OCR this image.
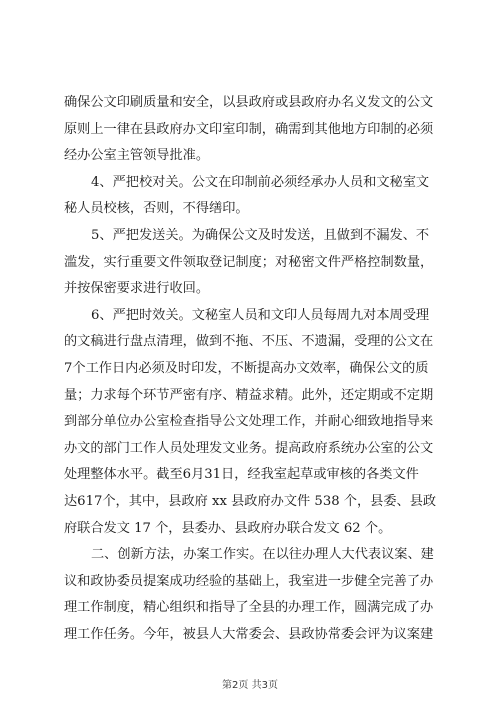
确保公文印刷质量和安全，以县政府或县政府办名义发文的公文
原则上一律在县政府办文印室印制，确需到其他地方印制的必须
经办公室主管领导批准。

4、严把校对关。公文在印制前必须经承办人员和文秘室文
秘人员校核，否则，不得缮印。

5、严把发送关。为确保公文及时发送，且做到不漏发、不
滥发，实行重要文件领取登记制度；对秘密文件严格控制数量，
并按保密要求进行收回。

6、严把时效关。文秘室人员和文印人员每周九对本周受理
的文稿进行盘点清理，做到不拖、不压、不遗漏，受理的公文在
7个工作日内必须及时印发，不断提高办文效率，确保公文的质
量；力求每个环节严密有序、精益求精。此外，还定期或不定期
到部分单位办公室检查指导公文处理工作，并耐心细致地指导来
办文的部门工作人员处理发文业务。提高政府系统办公室的公文
处理整体水平。截至6月31日，经我室起草或审核的各类文件
达617个，其中，县政府 xx 县政府办文件 538 个，县委、县政
府联合发文 17 个，县委办、县政府办联合发文 62 个。

二、创新方法，办案工作实。在以往办理人大代表议案、建
议和政协委员提案成功经验的基础上，我室进一步健全完善了办
理工作制度，精心组织和指导了全县的办理工作，圆满完成了办
理工作任务。今年，被县人大常委会、县政协常委会评为议案建

第2页 共3页
